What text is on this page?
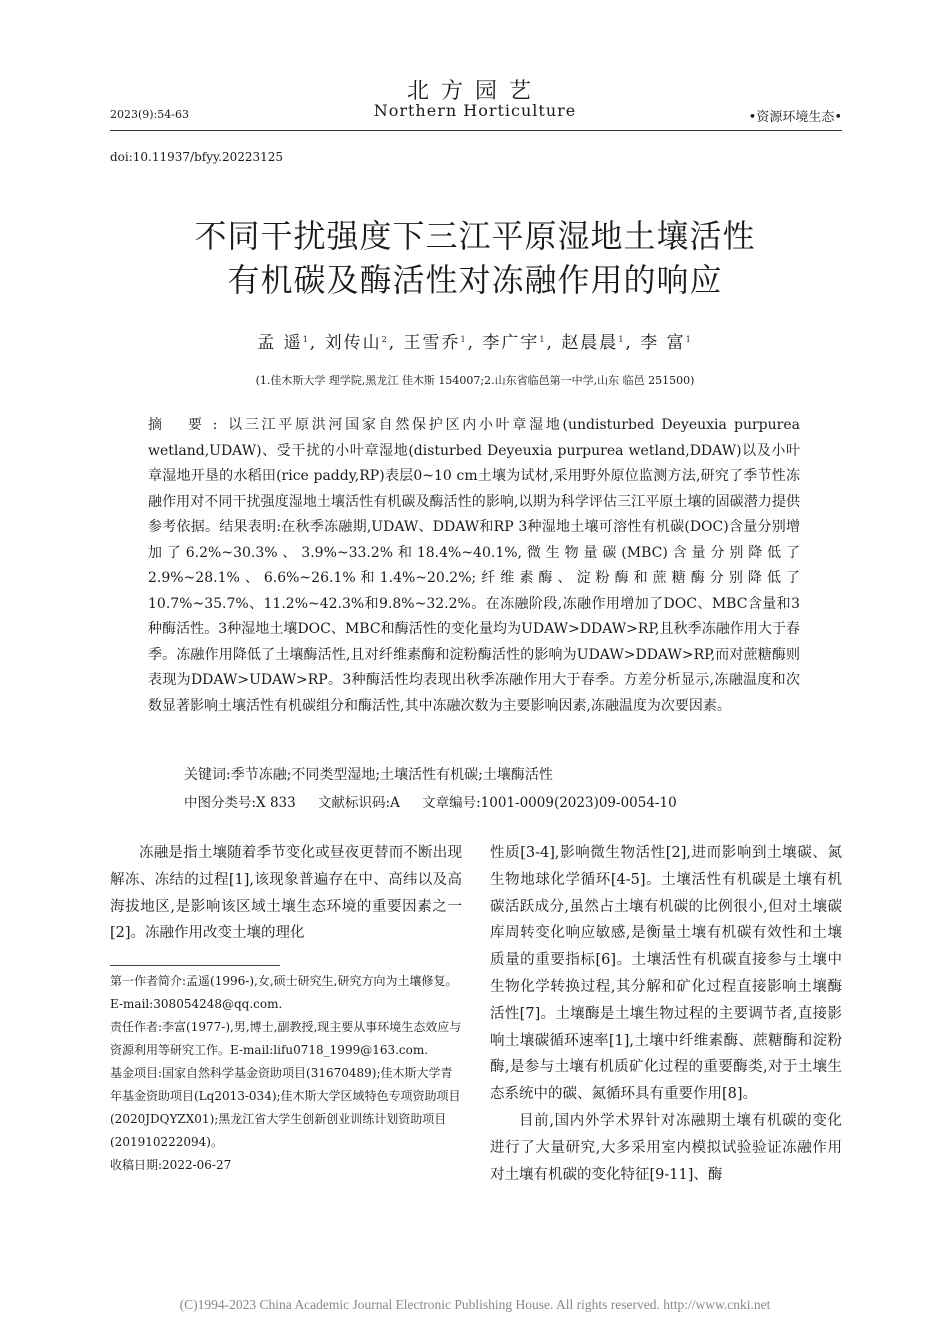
北方园艺
Northern Horticulture
2023(9):54-63	•资源环境生态•
doi:10.11937/bfyy.20223125
不同干扰强度下三江平原湿地土壤活性
有机碳及酶活性对冻融作用的响应
孟 遥$^1$, 刘传山$^2$, 王雪乔$^1$, 李广宇$^1$, 赵晨晨$^1$, 李 富$^1$
(1.佳木斯大学 理学院,黑龙江 佳木斯 154007;2.山东省临邑第一中学,山东 临邑 251500)
摘 要:以三江平原洪河国家自然保护区内小叶章湿地(undisturbed Deyeuxia purpurea wetland,UDAW)、受干扰的小叶章湿地(disturbed Deyeuxia purpurea wetland,DDAW)以及小叶章湿地开垦的水稻田(rice paddy,RP)表层0~10 cm土壤为试材,采用野外原位监测方法,研究了季节性冻融作用对不同干扰强度湿地土壤活性有机碳及酶活性的影响,以期为科学评估三江平原土壤的固碳潜力提供参考依据。结果表明:在秋季冻融期,UDAW、DDAW和RP 3种湿地土壤可溶性有机碳(DOC)含量分别增加了6.2%~30.3%、3.9%~33.2%和18.4%~40.1%,微生物量碳(MBC)含量分别降低了2.9%~28.1%、6.6%~26.1%和1.4%~20.2%;纤维素酶、淀粉酶和蔗糖酶分别降低了10.7%~35.7%、11.2%~42.3%和9.8%~32.2%。在冻融阶段,冻融作用增加了DOC、MBC含量和3种酶活性。3种湿地土壤DOC、MBC和酶活性的变化量均为UDAW>DDAW>RP,且秋季冻融作用大于春季。冻融作用降低了土壤酶活性,且对纤维素酶和淀粉酶活性的影响为UDAW>DDAW>RP,而对蔗糖酶则表现为DDAW>UDAW>RP。3种酶活性均表现出秋季冻融作用大于春季。方差分析显示,冻融温度和次数显著影响土壤活性有机碳组分和酶活性,其中冻融次数为主要影响因素,冻融温度为次要因素。
关键词:季节冻融;不同类型湿地;土壤活性有机碳;土壤酶活性
中图分类号:X 833 文献标识码:A 文章编号:1001-0009(2023)09-0054-10

冻融是指土壤随着季节变化或昼夜更替而不断出现解冻、冻结的过程[1],该现象普遍存在中、高纬以及高海拔地区,是影响该区域土壤生态环境的重要因素之一[2]。冻融作用改变土壤的理化

第一作者简介:孟遥(1996-),女,硕士研究生,研究方向为土壤修复。E-mail:308054248@qq.com.

责任作者:李富(1977-),男,博士,副教授,现主要从事环境生态效应与资源利用等研究工作。E-mail:lifu0718_1999@163.com.

基金项目:国家自然科学基金资助项目(31670489);佳木斯大学青年基金资助项目(Lq2013-034);佳木斯大学区域特色专项资助项目(2020JDQYZX01);黑龙江省大学生创新创业训练计划资助项目(201910222094)。

收稿日期:2022-06-27

性质[3-4],影响微生物活性[2],进而影响到土壤碳、氮生物地球化学循环[4-5]。土壤活性有机碳是土壤有机碳活跃成分,虽然占土壤有机碳的比例很小,但对土壤碳库周转变化响应敏感,是衡量土壤有机碳有效性和土壤质量的重要指标[6]。土壤活性有机碳直接参与土壤中生物化学转换过程,其分解和矿化过程直接影响土壤酶活性[7]。土壤酶是土壤生物过程的主要调节者,直接影响土壤碳循环速率[1],土壤中纤维素酶、蔗糖酶和淀粉酶,是参与土壤有机质矿化过程的重要酶类,对于土壤生态系统中的碳、氮循环具有重要作用[8]。

目前,国内外学术界针对冻融期土壤有机碳的变化进行了大量研究,大多采用室内模拟试验验证冻融作用对土壤有机碳的变化特征[9-11]、酶

(C)1994-2023 China Academic Journal Electronic Publishing House. All rights reserved. http://www.cnki.net
